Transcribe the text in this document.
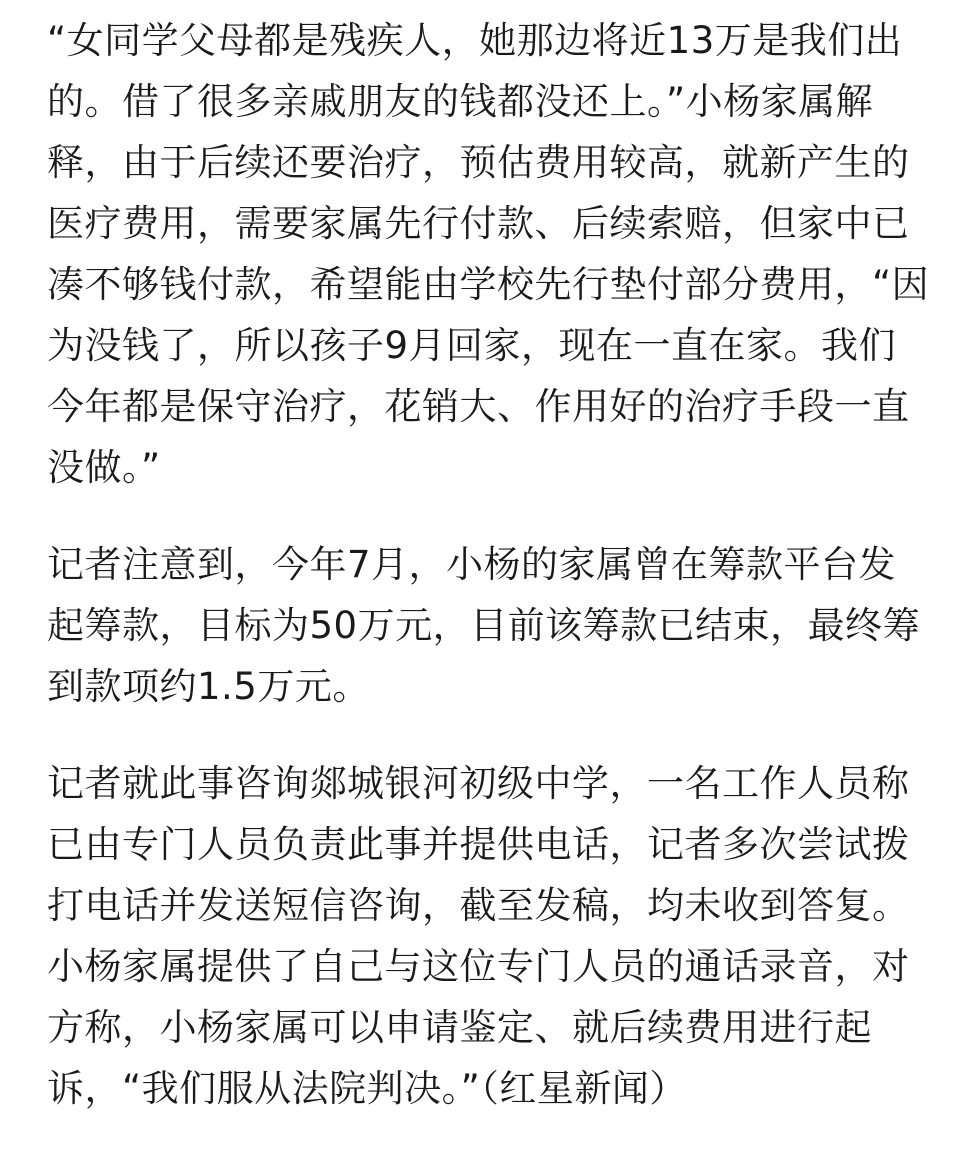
“女同学父母都是残疾人，她那边将近13万是我们出
的。借了很多亲戚朋友的钱都没还上。”小杨家属解
释，由于后续还要治疗，预估费用较高，就新产生的
医疗费用，需要家属先行付款、后续索赔，但家中已
凑不够钱付款，希望能由学校先行垫付部分费用，“因
为没钱了，所以孩子9月回家，现在一直在家。我们
今年都是保守治疗，花销大、作用好的治疗手段一直
没做。”

记者注意到，今年7月，小杨的家属曾在筹款平台发
起筹款，目标为50万元，目前该筹款已结束，最终筹
到款项约1.5万元。

记者就此事咨询郯城银河初级中学，一名工作人员称
已由专门人员负责此事并提供电话，记者多次尝试拨
打电话并发送短信咨询，截至发稿，均未收到答复。
小杨家属提供了自己与这位专门人员的通话录音，对
方称，小杨家属可以申请鉴定、就后续费用进行起
诉，“我们服从法院判决。”（红星新闻）
